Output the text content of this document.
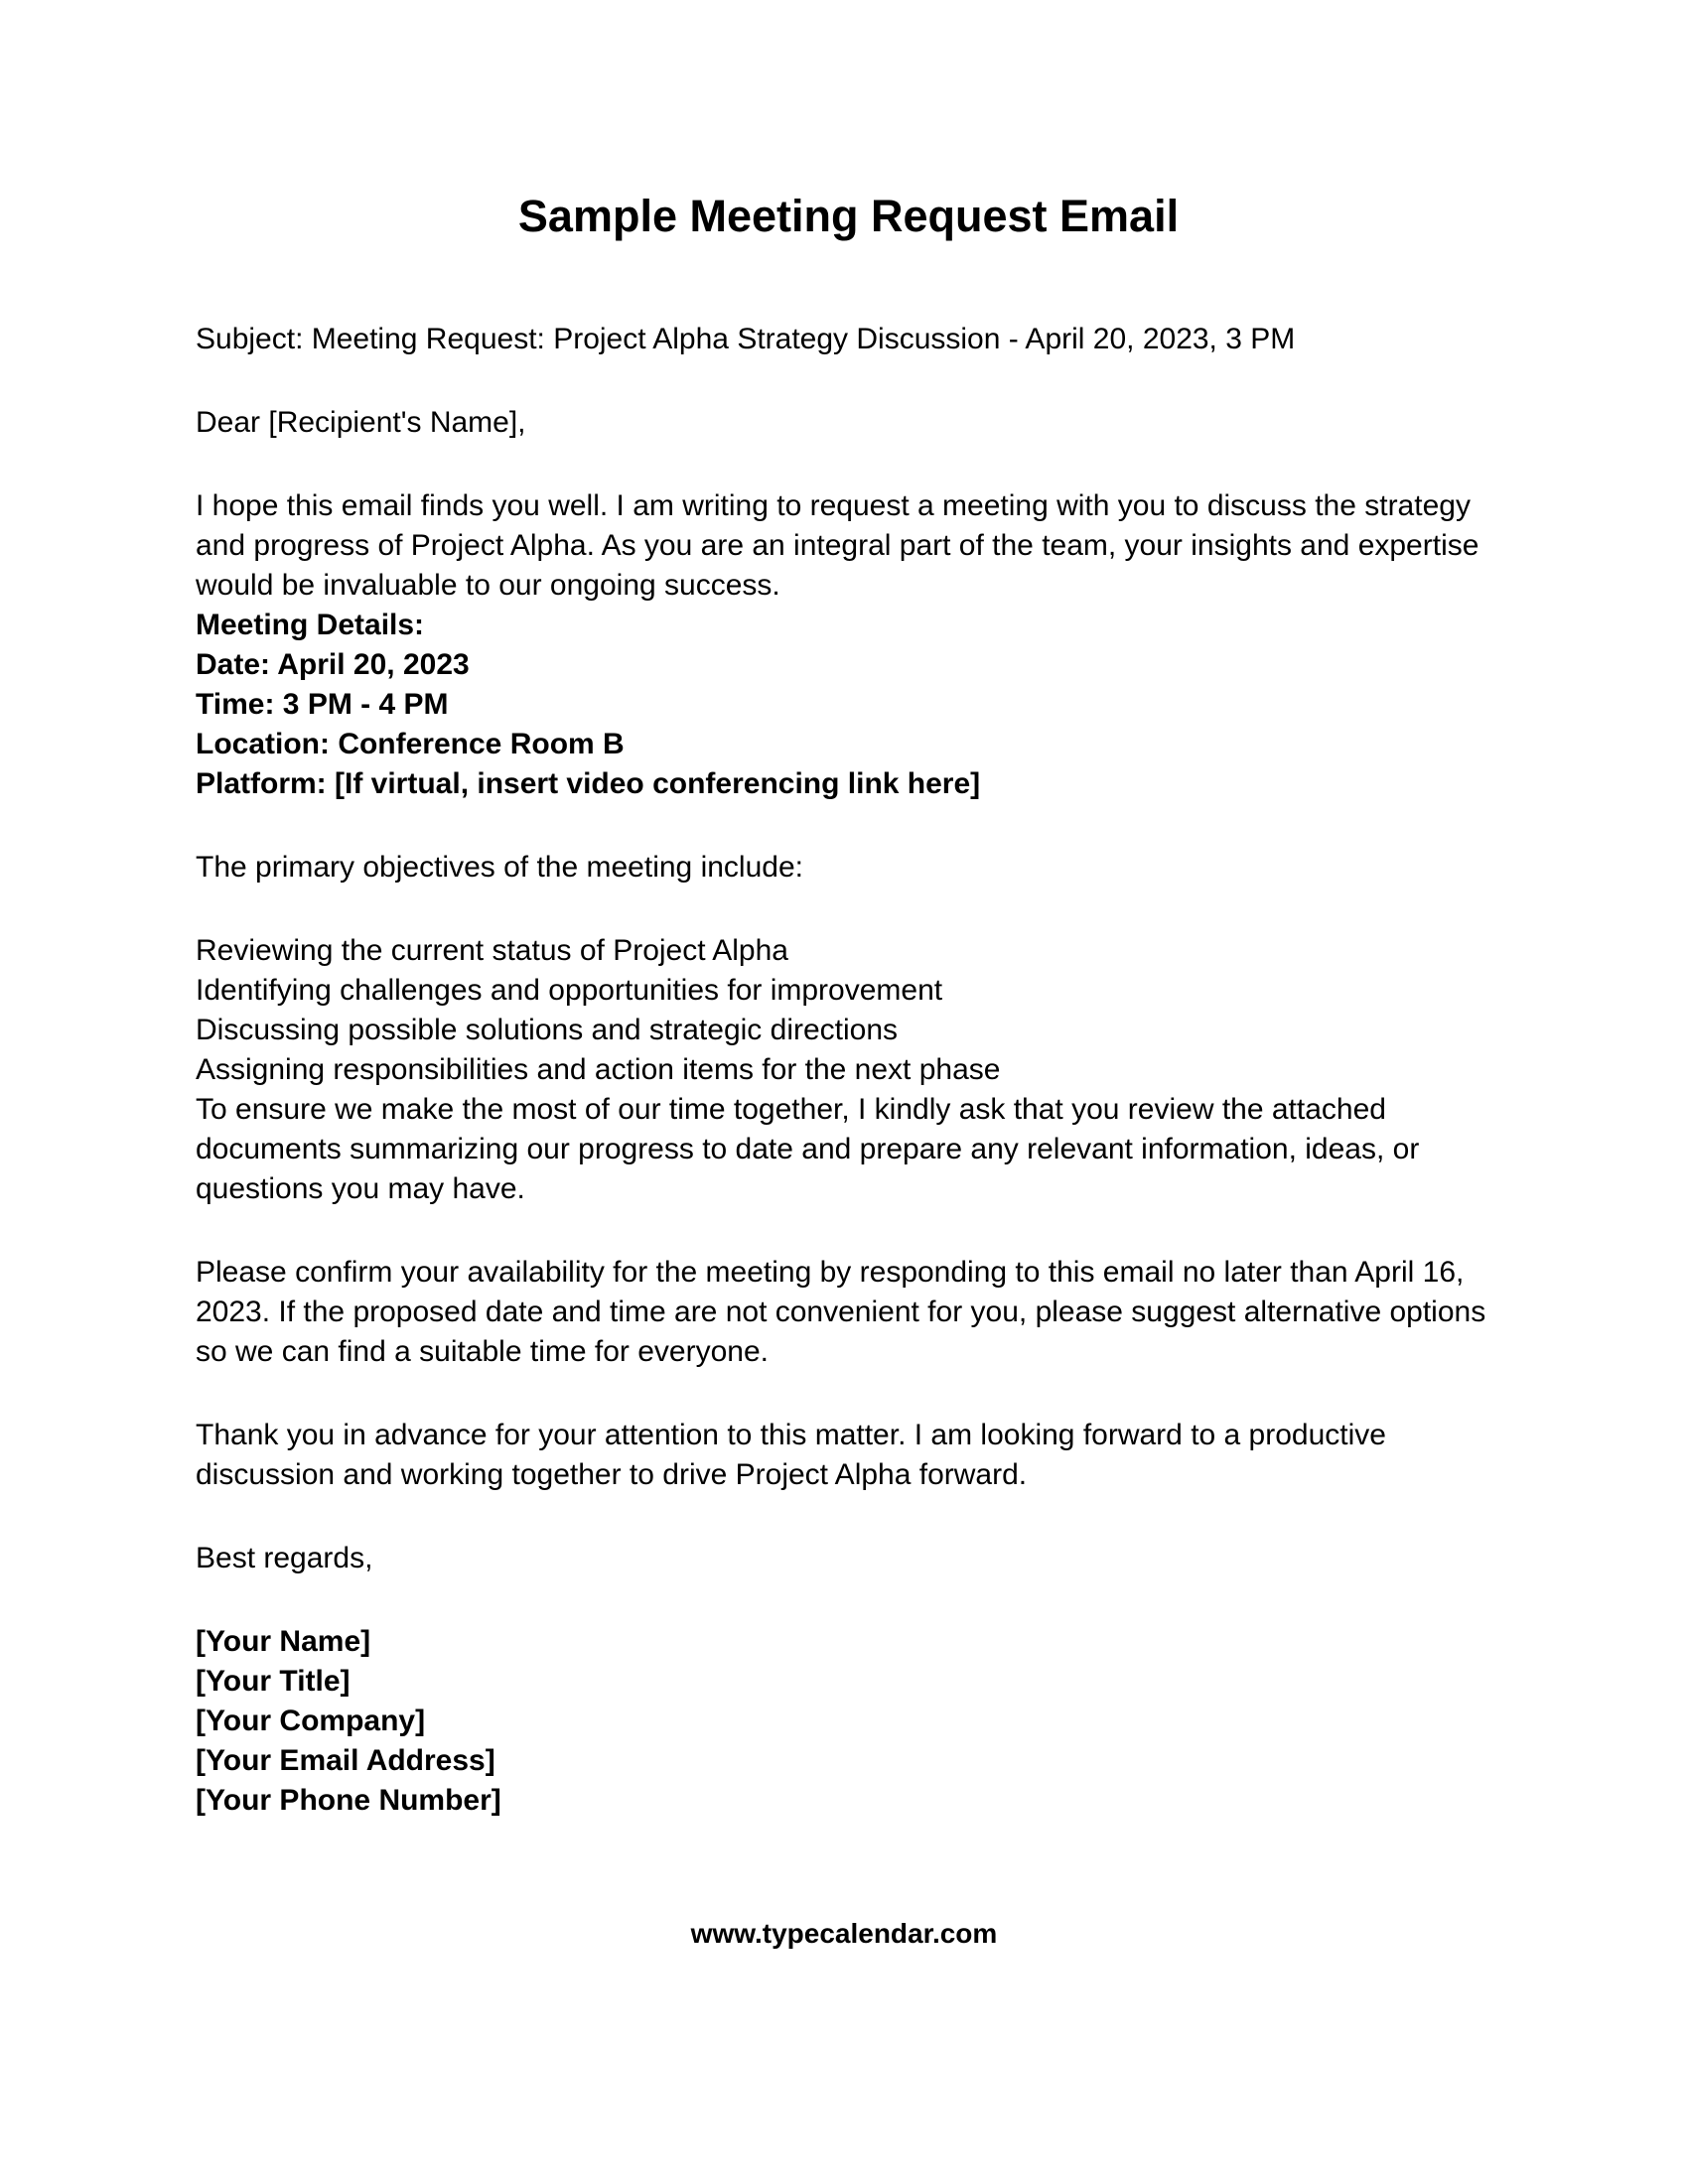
Sample Meeting Request Email

Subject: Meeting Request: Project Alpha Strategy Discussion - April 20, 2023, 3 PM

Dear [Recipient's Name],

I hope this email finds you well. I am writing to request a meeting with you to discuss the strategy and progress of Project Alpha. As you are an integral part of the team, your insights and expertise would be invaluable to our ongoing success.

Meeting Details:
Date: April 20, 2023
Time: 3 PM - 4 PM
Location: Conference Room B
Platform: [If virtual, insert video conferencing link here]

The primary objectives of the meeting include:

Reviewing the current status of Project Alpha
Identifying challenges and opportunities for improvement
Discussing possible solutions and strategic directions
Assigning responsibilities and action items for the next phase
To ensure we make the most of our time together, I kindly ask that you review the attached documents summarizing our progress to date and prepare any relevant information, ideas, or questions you may have.

Please confirm your availability for the meeting by responding to this email no later than April 16, 2023. If the proposed date and time are not convenient for you, please suggest alternative options so we can find a suitable time for everyone.

Thank you in advance for your attention to this matter. I am looking forward to a productive discussion and working together to drive Project Alpha forward.

Best regards,

[Your Name]
[Your Title]
[Your Company]
[Your Email Address]
[Your Phone Number]
www.typecalendar.com
